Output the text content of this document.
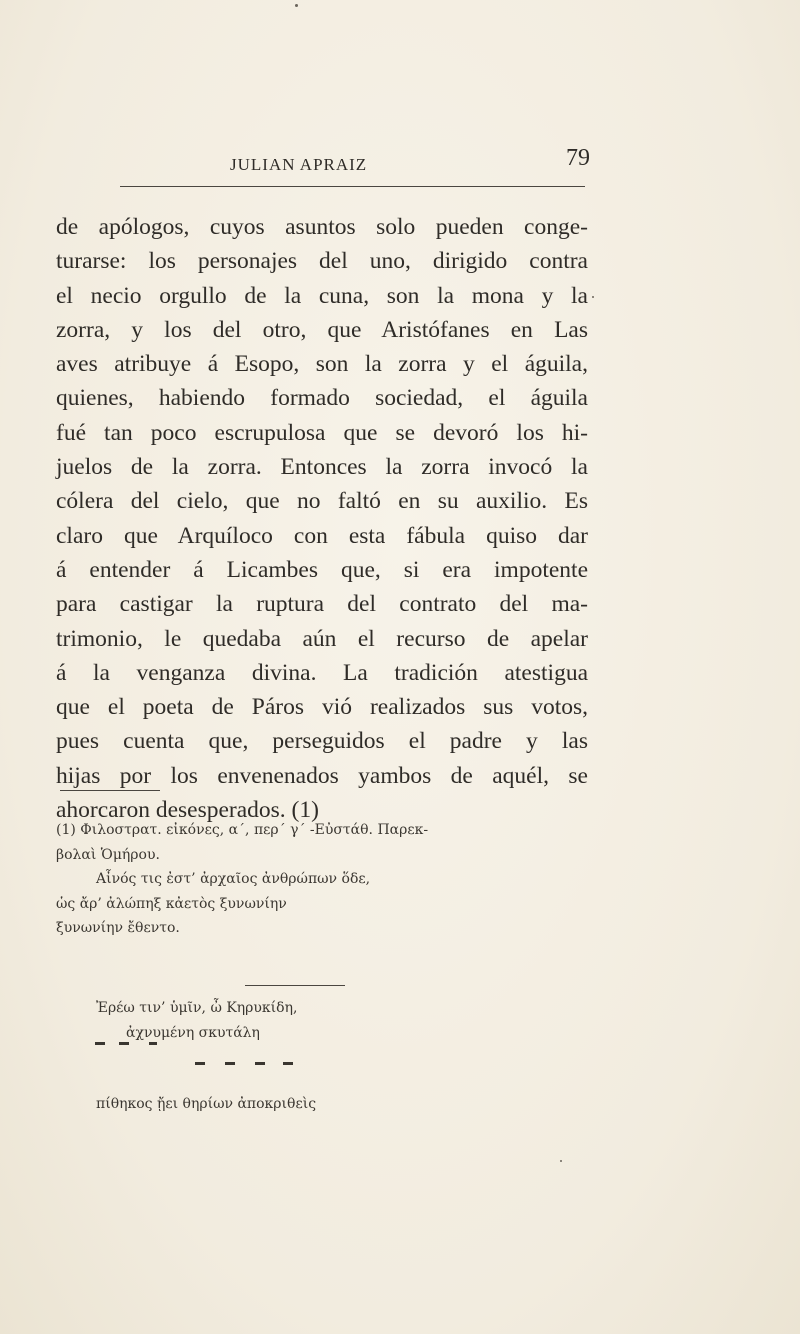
JULIAN APRAIZ	79
de apólogos, cuyos asuntos solo pueden conge-
turarse: los personajes del uno, dirigido contra
el necio orgullo de la cuna, son la mona y la
zorra, y los del otro, que Aristófanes en Las
aves atribuye á Esopo, son la zorra y el águila,
quienes, habiendo formado sociedad, el águila
fué tan poco escrupulosa que se devoró los hi-
juelos de la zorra. Entonces la zorra invocó la
cólera del cielo, que no faltó en su auxilio. Es
claro que Arquíloco con esta fábula quiso dar
á entender á Licambes que, si era impotente
para castigar la ruptura del contrato del ma-
trimonio, le quedaba aún el recurso de apelar
á la venganza divina. La tradición atestigua
que el poeta de Páros vió realizados sus votos,
pues cuenta que, perseguidos el padre y las
hijas por los envenenados yambos de aquél, se
ahorcaron desesperados. (1)
(1) Φιλοστρατ. εἰκόνες, α΄, περ΄ γ΄ -Εὐστάθ. Παρεκ-
βολαὶ Ὁμήρου.
Αἶνός τις ἐστ’ ἀρχαῖος ἀνθρώπων ὅδε,
ὡς ἄρ’ ἀλώπηξ κἀετὸς ξυνωνίην
ξυνωνίην ἔθεντο.
Ἐρέω τιν’ ὑμῖν, ὦ Κηρυκίδη,
ἀχνυμένη σκυτάλη
πίθηκος ᾔει θηρίων ἀποκριθεὶς
